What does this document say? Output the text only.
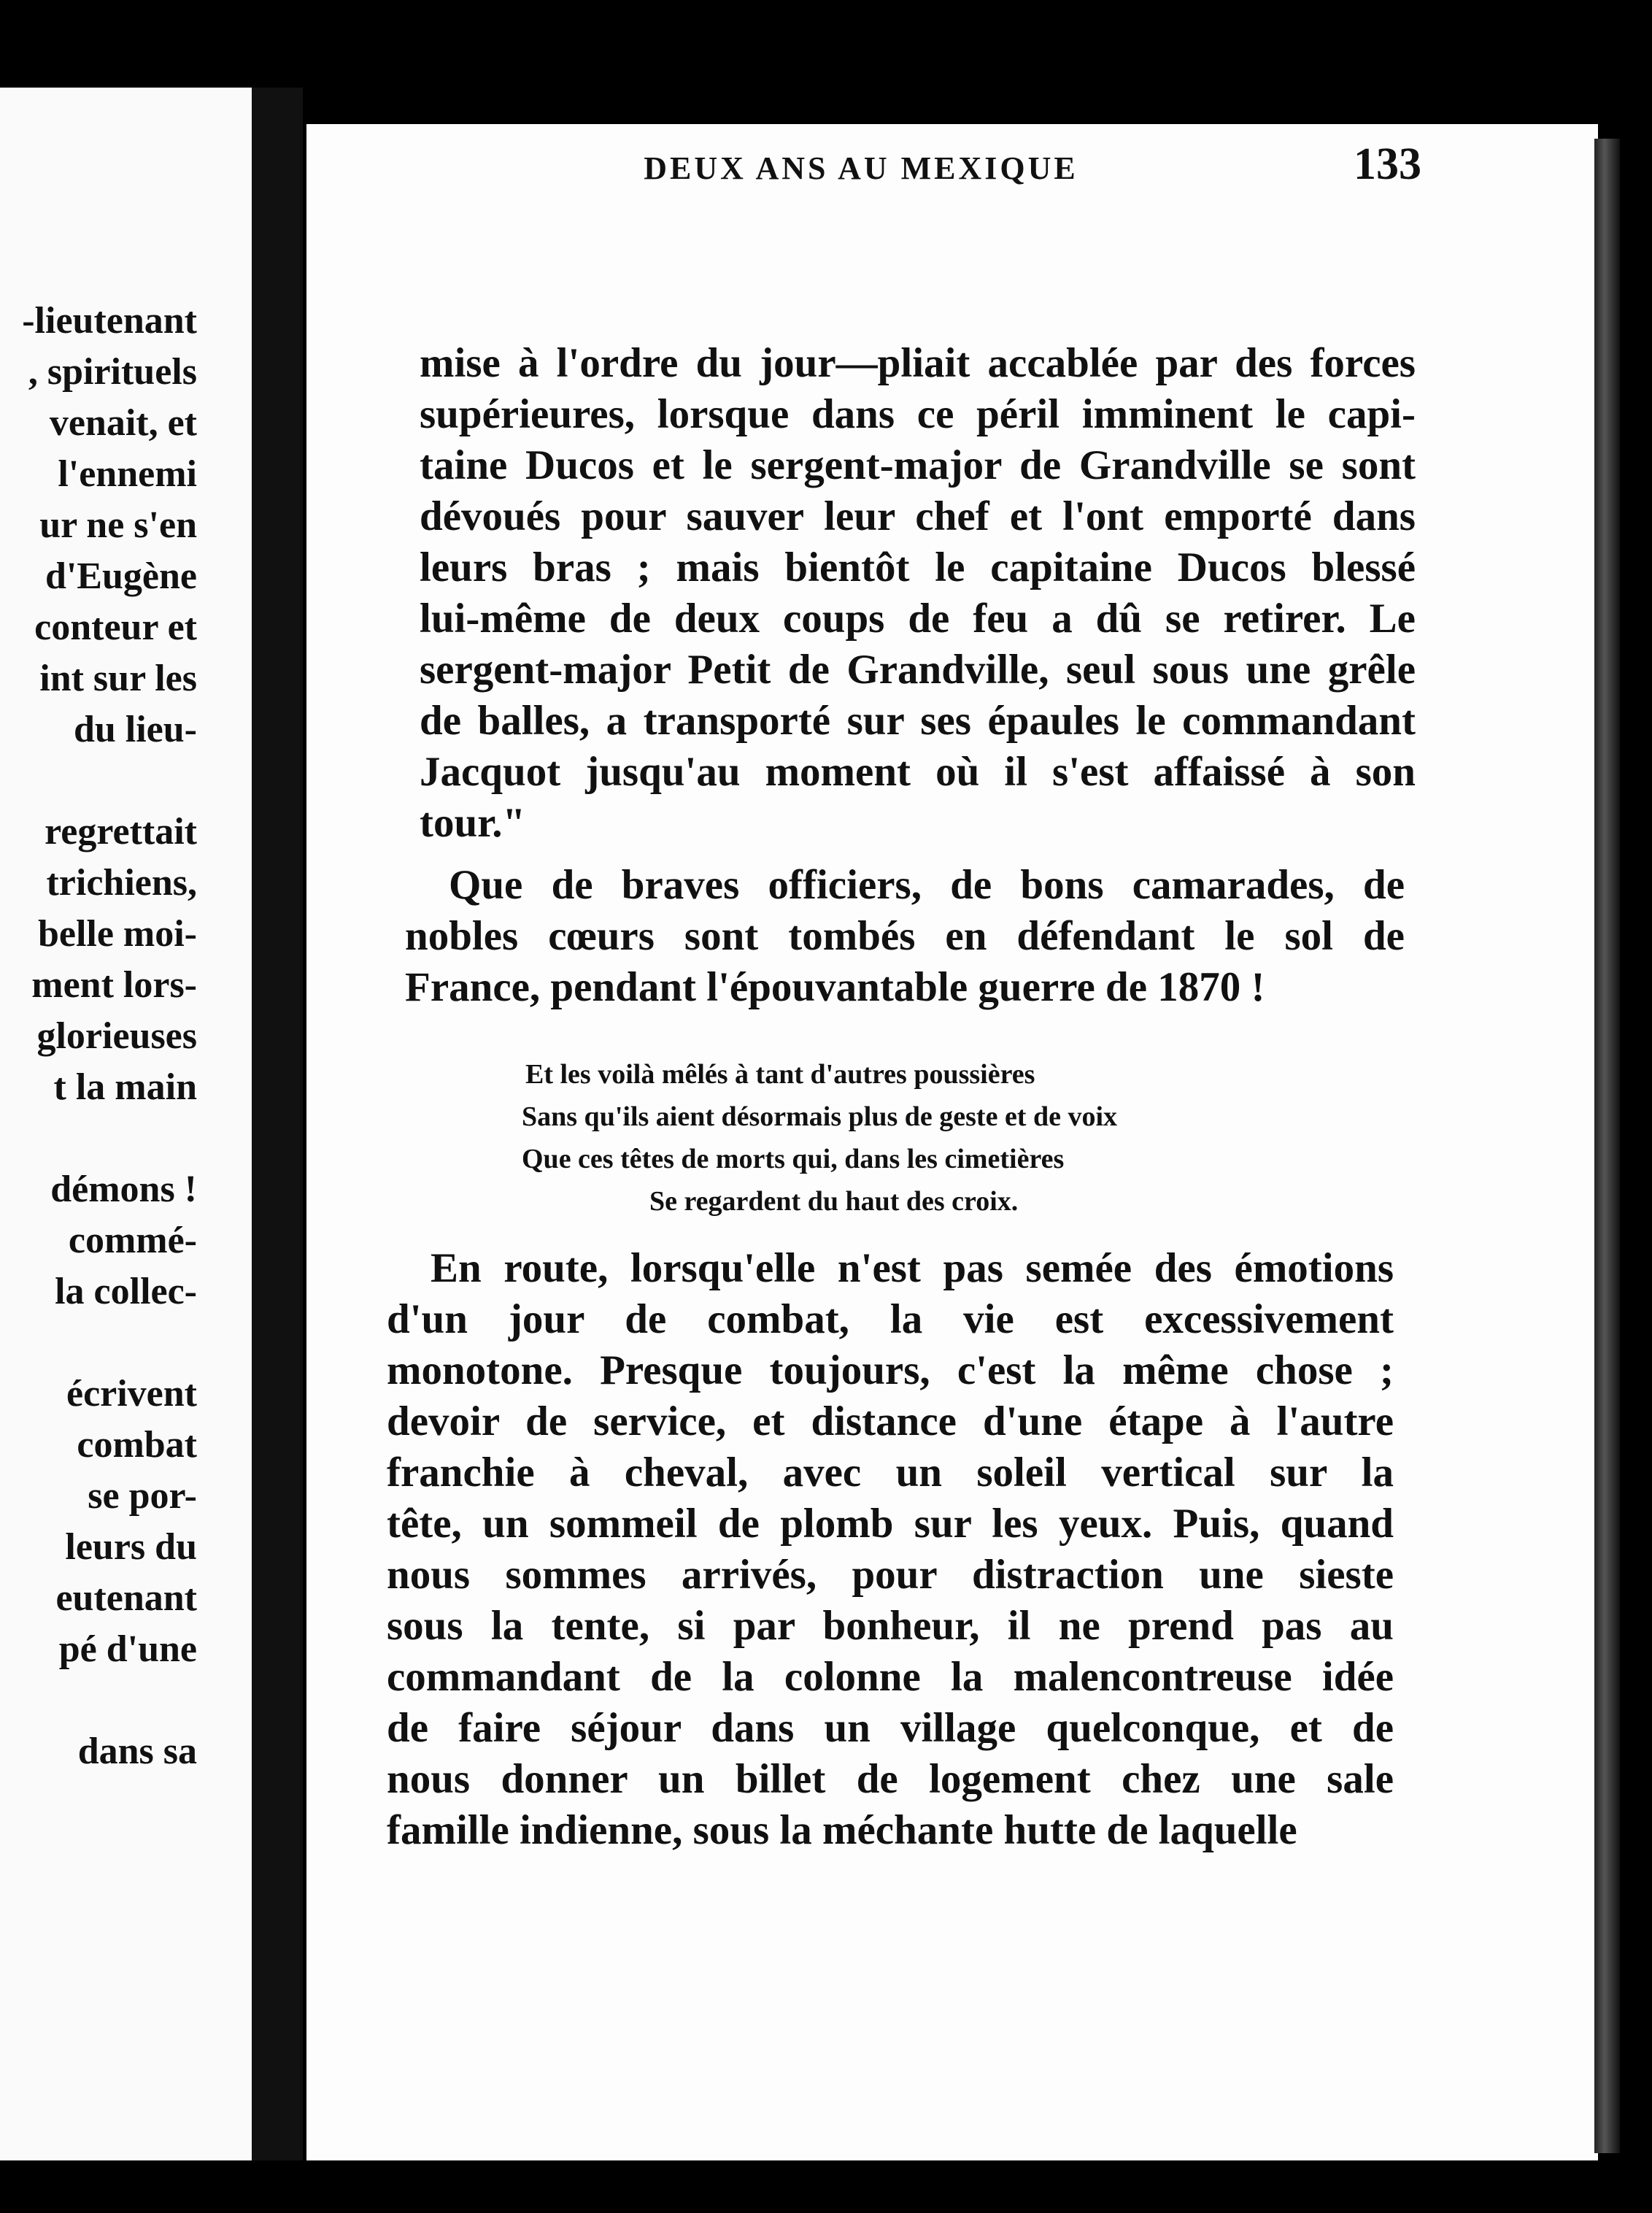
-lieutenant
, spirituels
venait, et
l'ennemi
ur ne s'en
d'Eugène
conteur et
int sur les
du lieu-
regrettait
trichiens,
belle moi-
ment lors-
glorieuses
t la main
démons !
commé-
la collec-
écrivent
combat
se por-
leurs du
eutenant
pé d'une
dans sa
DEUX ANS AU MEXIQUE	133
mise à l'ordre du jour—pliait accablée par des forces
supérieures, lorsque dans ce péril imminent le capi-
taine Ducos et le sergent-major de Grandville se sont
dévoués pour sauver leur chef et l'ont emporté dans
leurs bras ; mais bientôt le capitaine Ducos blessé
lui-même de deux coups de feu a dû se retirer. Le
sergent-major Petit de Grandville, seul sous une grêle
de balles, a transporté sur ses épaules le commandant
Jacquot jusqu'au moment où il s'est affaissé à son
tour."
Que de braves officiers, de bons camarades, de
nobles cœurs sont tombés en défendant le sol de
France, pendant l'épouvantable guerre de 1870 !
En route, lorsqu'elle n'est pas semée des émotions
d'un jour de combat, la vie est excessivement
monotone. Presque toujours, c'est la même chose ;
devoir de service, et distance d'une étape à l'autre
franchie à cheval, avec un soleil vertical sur la
tête, un sommeil de plomb sur les yeux. Puis, quand
nous sommes arrivés, pour distraction une sieste
sous la tente, si par bonheur, il ne prend pas au
commandant de la colonne la malencontreuse idée
de faire séjour dans un village quelconque, et de
nous donner un billet de logement chez une sale
famille indienne, sous la méchante hutte de laquelle
Et les voilà mêlés à tant d'autres poussières
Sans qu'ils aient désormais plus de geste et de voix
Que ces têtes de morts qui, dans les cimetières
Se regardent du haut des croix.
